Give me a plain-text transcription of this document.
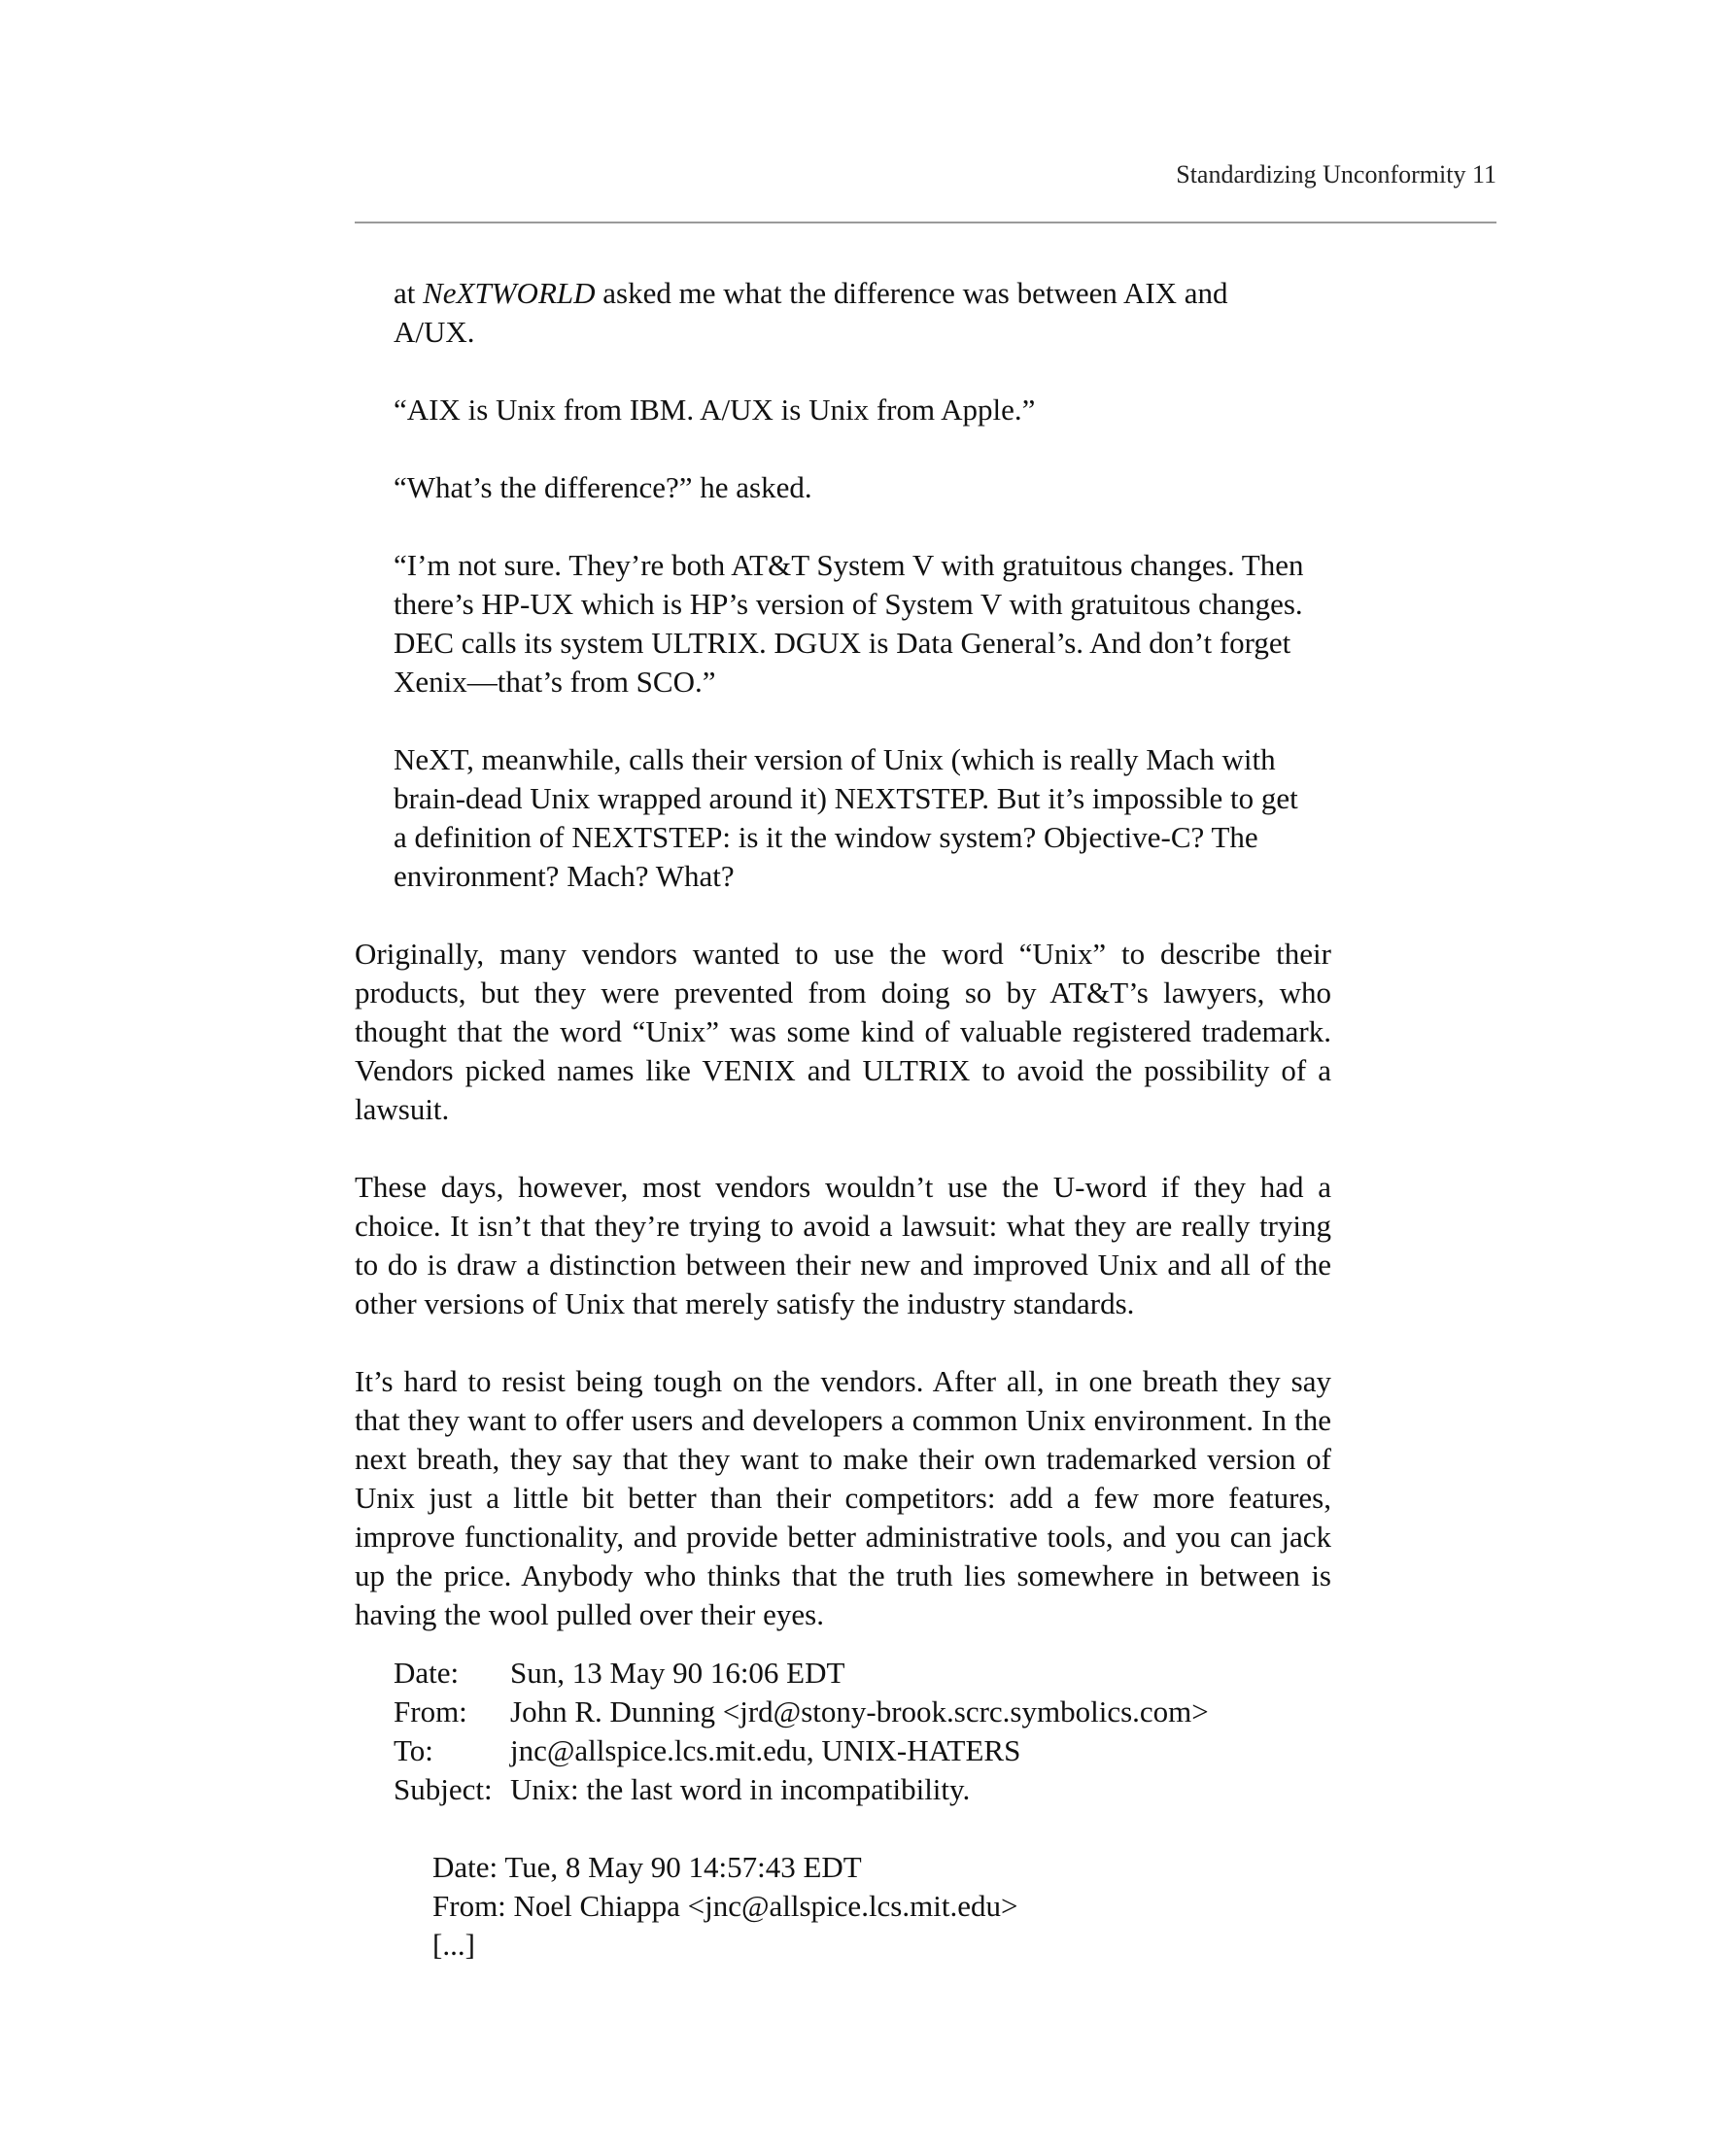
Standardizing Unconformity 11

at NeXTWORLD asked me what the difference was between AIX and A/UX.

“AIX is Unix from IBM. A/UX is Unix from Apple.”

“What’s the difference?” he asked.

“I’m not sure. They’re both AT&T System V with gratuitous changes. Then there’s HP-UX which is HP’s version of System V with gratuitous changes. DEC calls its system ULTRIX. DGUX is Data General’s. And don’t forget Xenix—that’s from SCO.”

NeXT, meanwhile, calls their version of Unix (which is really Mach with brain-dead Unix wrapped around it) NEXTSTEP. But it’s impossible to get a definition of NEXTSTEP: is it the window system? Objective-C? The environment? Mach? What?

Originally, many vendors wanted to use the word “Unix” to describe their products, but they were prevented from doing so by AT&T’s lawyers, who thought that the word “Unix” was some kind of valuable registered trademark. Vendors picked names like VENIX and ULTRIX to avoid the possibility of a lawsuit.

These days, however, most vendors wouldn’t use the U-word if they had a choice. It isn’t that they’re trying to avoid a lawsuit: what they are really trying to do is draw a distinction between their new and improved Unix and all of the other versions of Unix that merely satisfy the industry standards.

It’s hard to resist being tough on the vendors. After all, in one breath they say that they want to offer users and developers a common Unix environment. In the next breath, they say that they want to make their own trademarked version of Unix just a little bit better than their competitors: add a few more features, improve functionality, and provide better administrative tools, and you can jack up the price. Anybody who thinks that the truth lies somewhere in between is having the wool pulled over their eyes.

Date:	Sun, 13 May 90 16:06 EDT
From:	John R. Dunning <jrd@stony-brook.scrc.symbolics.com>
To:	jnc@allspice.lcs.mit.edu, UNIX-HATERS
Subject: Unix: the last word in incompatibility.
Date: Tue, 8 May 90 14:57:43 EDT
From: Noel Chiappa <jnc@allspice.lcs.mit.edu>
[...]
